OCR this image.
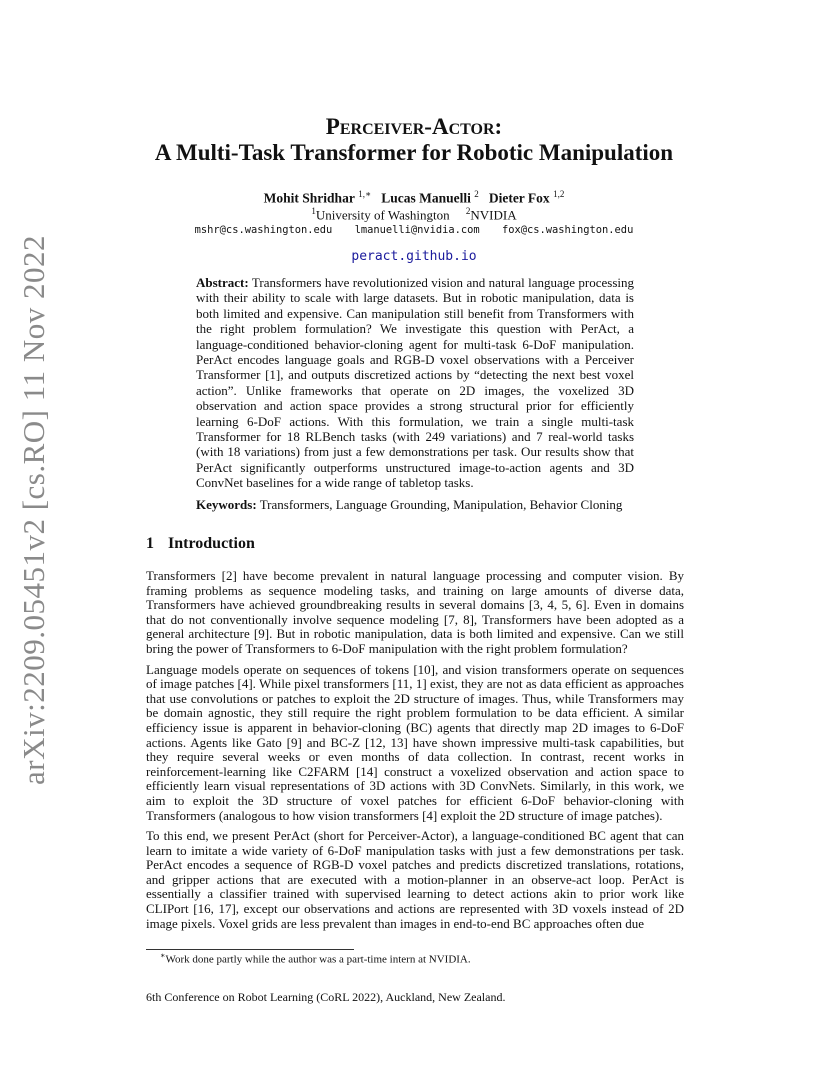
arXiv:2209.05451v2 [cs.RO] 11 Nov 2022
Perceiver-Actor:
A Multi-Task Transformer for Robotic Manipulation
Mohit Shridhar $^{1,∗}$ Lucas Manuelli $^2$ Dieter Fox $^{1,2}$
$^1$University of Washington $^2$NVIDIA
mshr@cs.washington.edu lmanuelli@nvidia.com fox@cs.washington.edu
peract.github.io
Abstract: Transformers have revolutionized vision and natural language processing with their ability to scale with large datasets. But in robotic manipulation, data is both limited and expensive. Can manipulation still benefit from Transformers with the right problem formulation? We investigate this question with PerAct, a language-conditioned behavior-cloning agent for multi-task 6-DoF manipulation. PerAct encodes language goals and RGB-D voxel observations with a Perceiver Transformer [1], and outputs discretized actions by “detecting the next best voxel action”. Unlike frameworks that operate on 2D images, the voxelized 3D observation and action space provides a strong structural prior for efficiently learning 6-DoF actions. With this formulation, we train a single multi-task Transformer for 18 RLBench tasks (with 249 variations) and 7 real-world tasks (with 18 variations) from just a few demonstrations per task. Our results show that PerAct significantly outperforms unstructured image-to-action agents and 3D ConvNet baselines for a wide range of tabletop tasks.
Keywords: Transformers, Language Grounding, Manipulation, Behavior Cloning
1 Introduction

Transformers [2] have become prevalent in natural language processing and computer vision. By framing problems as sequence modeling tasks, and training on large amounts of diverse data, Transformers have achieved groundbreaking results in several domains [3, 4, 5, 6]. Even in domains that do not conventionally involve sequence modeling [7, 8], Transformers have been adopted as a general architecture [9]. But in robotic manipulation, data is both limited and expensive. Can we still bring the power of Transformers to 6-DoF manipulation with the right problem formulation?

Language models operate on sequences of tokens [10], and vision transformers operate on sequences of image patches [4]. While pixel transformers [11, 1] exist, they are not as data efficient as approaches that use convolutions or patches to exploit the 2D structure of images. Thus, while Transformers may be domain agnostic, they still require the right problem formulation to be data efficient. A similar efficiency issue is apparent in behavior-cloning (BC) agents that directly map 2D images to 6-DoF actions. Agents like Gato [9] and BC-Z [12, 13] have shown impressive multi-task capabilities, but they require several weeks or even months of data collection. In contrast, recent works in reinforcement-learning like C2FARM [14] construct a voxelized observation and action space to efficiently learn visual representations of 3D actions with 3D ConvNets. Similarly, in this work, we aim to exploit the 3D structure of voxel patches for efficient 6-DoF behavior-cloning with Transformers (analogous to how vision transformers [4] exploit the 2D structure of image patches).

To this end, we present PerAct (short for Perceiver-Actor), a language-conditioned BC agent that can learn to imitate a wide variety of 6-DoF manipulation tasks with just a few demonstrations per task. PerAct encodes a sequence of RGB-D voxel patches and predicts discretized translations, rotations, and gripper actions that are executed with a motion-planner in an observe-act loop. PerAct is essentially a classifier trained with supervised learning to detect actions akin to prior work like CLIPort [16, 17], except our observations and actions are represented with 3D voxels instead of 2D image pixels. Voxel grids are less prevalent than images in end-to-end BC approaches often due

∗Work done partly while the author was a part-time intern at NVIDIA.
6th Conference on Robot Learning (CoRL 2022), Auckland, New Zealand.
